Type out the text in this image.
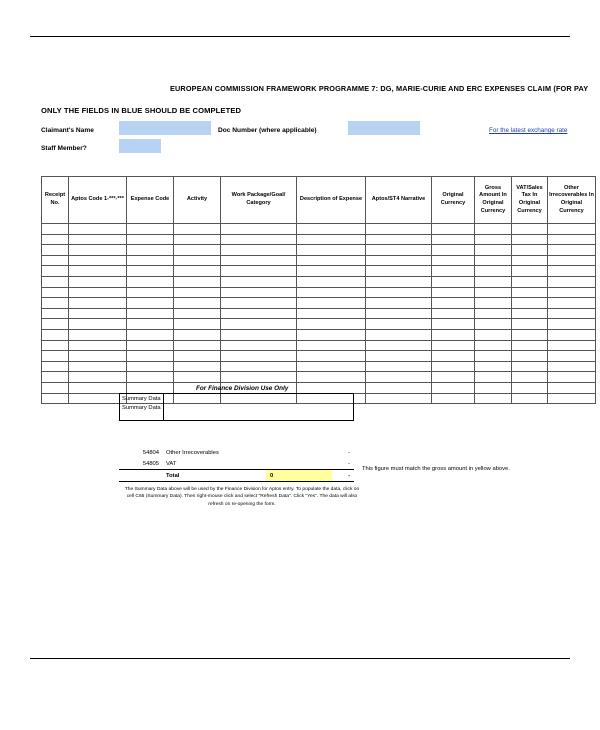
EUROPEAN COMMISSION FRAMEWORK PROGRAMME 7: DG, MARIE-CURIE AND ERC EXPENSES CLAIM (FOR PAY
ONLY THE FIELDS IN BLUE SHOULD BE COMPLETED
Claimant's Name	Doc Number (where applicable)
Staff Member?
For the latest exchange rate
Receipt No.	Aptos Code 1-***-***	Expense Code	Activity	Work Package/Goal/ Category	Description of Expense	Aptos/ST4 Narrative	Original Currency	Gross Amount In Original Currency	VAT/Sales Tax In Original Currency	Other Irrecoverables In Original Currency

For Finance Division Use Only
Summary Data
Summary Data
54804	Other Irrecoverables		-
54805	VAT		-
	Total	0	-
This figure must match the gross amount in yellow above.
The Summary Data above will be used by the Finance Division for Aptos entry. To populate the data, click on cell C65 (Summary Data). Then right-mouse click and select "Refresh Data". Click "Yes". The data will also refresh on re-opening the form.
